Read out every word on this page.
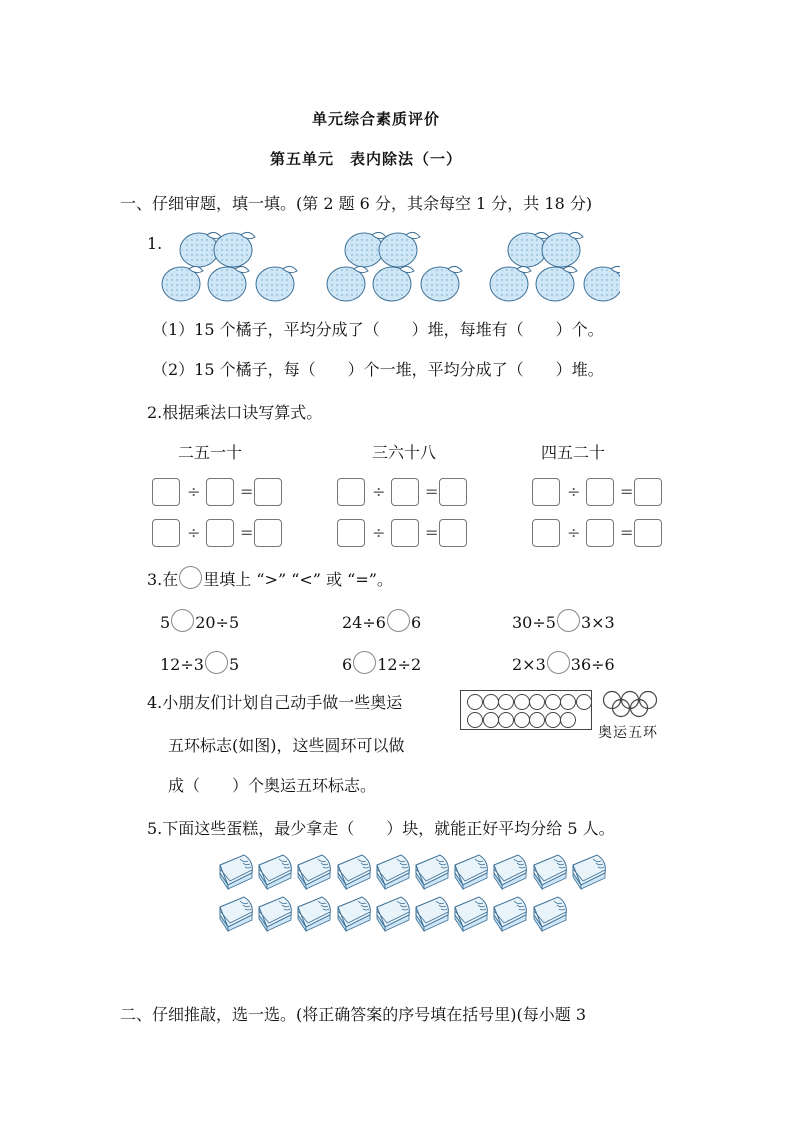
单元综合素质评价
第五单元　表内除法（一）
一、仔细审题，填一填。(第 2 题 6 分，其余每空 1 分，共 18 分)
1.
（1）15 个橘子，平均分成了（　　）堆，每堆有（　　）个。
（2）15 个橘子，每（　　）个一堆，平均分成了（　　）堆。
2.根据乘法口诀写算式。
二五一十	三六十八	四五二十
÷ =	÷ =	÷ =
÷ =	÷ =	÷ =
3.在 里填上 “>” “<” 或 “=”。
5 20÷5	24÷6 6	30÷5 3×3
12÷3 5	6 12÷2	2×3 36÷6
4.小朋友们计划自己动手做一些奥运
五环标志(如图)，这些圆环可以做
成（　　）个奥运五环标志。
奥运五环
5.下面这些蛋糕，最少拿走（　　）块，就能正好平均分给 5 人。
二、仔细推敲，选一选。(将正确答案的序号填在括号里)(每小题 3
